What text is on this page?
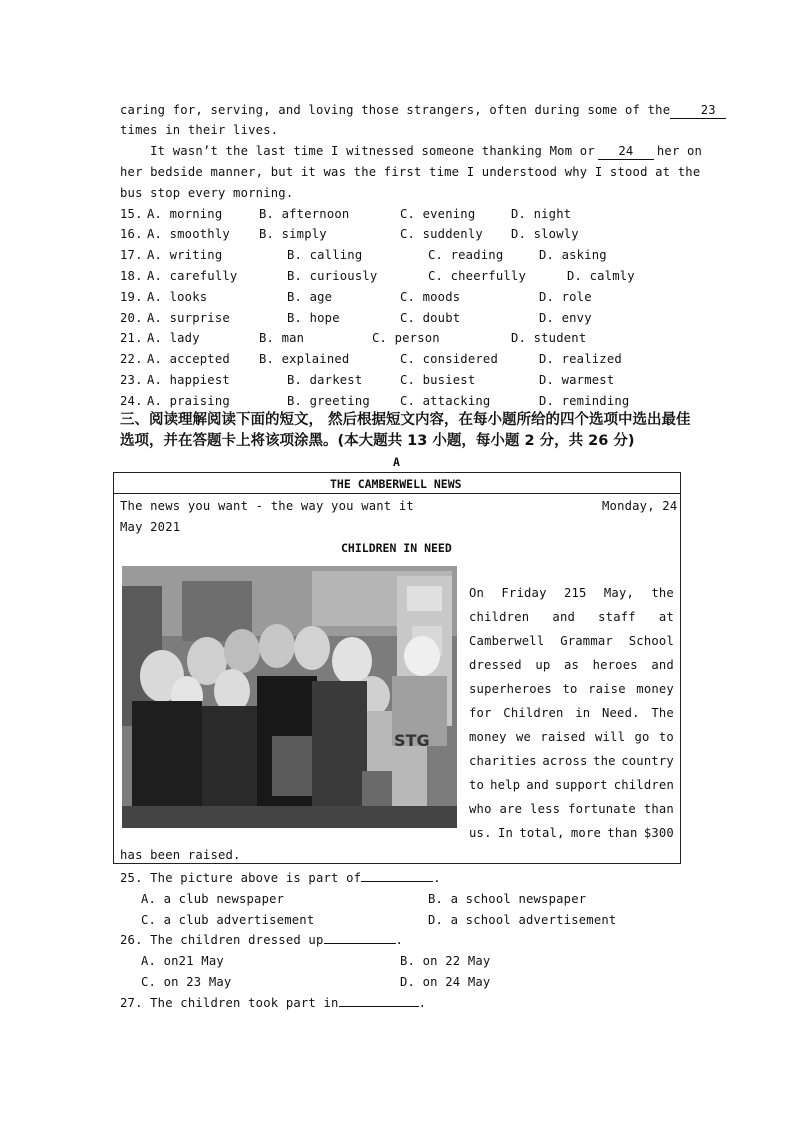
caring for, serving, and loving those strangers, often during some of the 23
times in their lives.
It wasn’t the last time I witnessed someone thanking Mom or 24 her on
her bedside manner, but it was the first time I understood why I stood at the
bus stop every morning.
15. A. morning	B. afternoon	C. evening	D. night
16. A. smoothly B. simply	C. suddenly D. slowly
17. A. writing	B. calling	C. reading	D. asking
18. A. carefully	B. curiously	C. cheerfully	D. calmly
19. A. looks	B. age	C. moods	D. role
20. A. surprise	B. hope	C. doubt	D. envy
21. A. lady	B. man	C. person	D. student
22. A. accepted B. explained	C. considered	D. realized
23. A. happiest	B. darkest	C. busiest	D. warmest
24. A. praising	B. greeting C. attacking	D. reminding
三、阅读理解阅读下面的短文， 然后根据短文内容，在每小题所给的四个选项中选出最佳
选项，并在答题卡上将该项涂黑。(本大题共 13 小题，每小题 2 分，共 26 分)
A
THE CAMBERWELL NEWS
The news you want - the way you want it	Monday, 24
May 2021
CHILDREN IN NEED
STG
On Friday 215 May, the
children and staff at
Camberwell Grammar School
dressed up as heroes and
superheroes to raise money
for Children in Need. The
money we raised will go to
charities across the country
to help and support children
who are less fortunate than
us. In total, more than $300
has been raised.
25. The picture above is part of	.
A. a club newspaper	B. a school newspaper
C. a club advertisement	D. a school advertisement
26. The children dressed up	.
A. on21 May	B. on 22 May
C. on 23 May	D. on 24 May
27. The children took part in	.
